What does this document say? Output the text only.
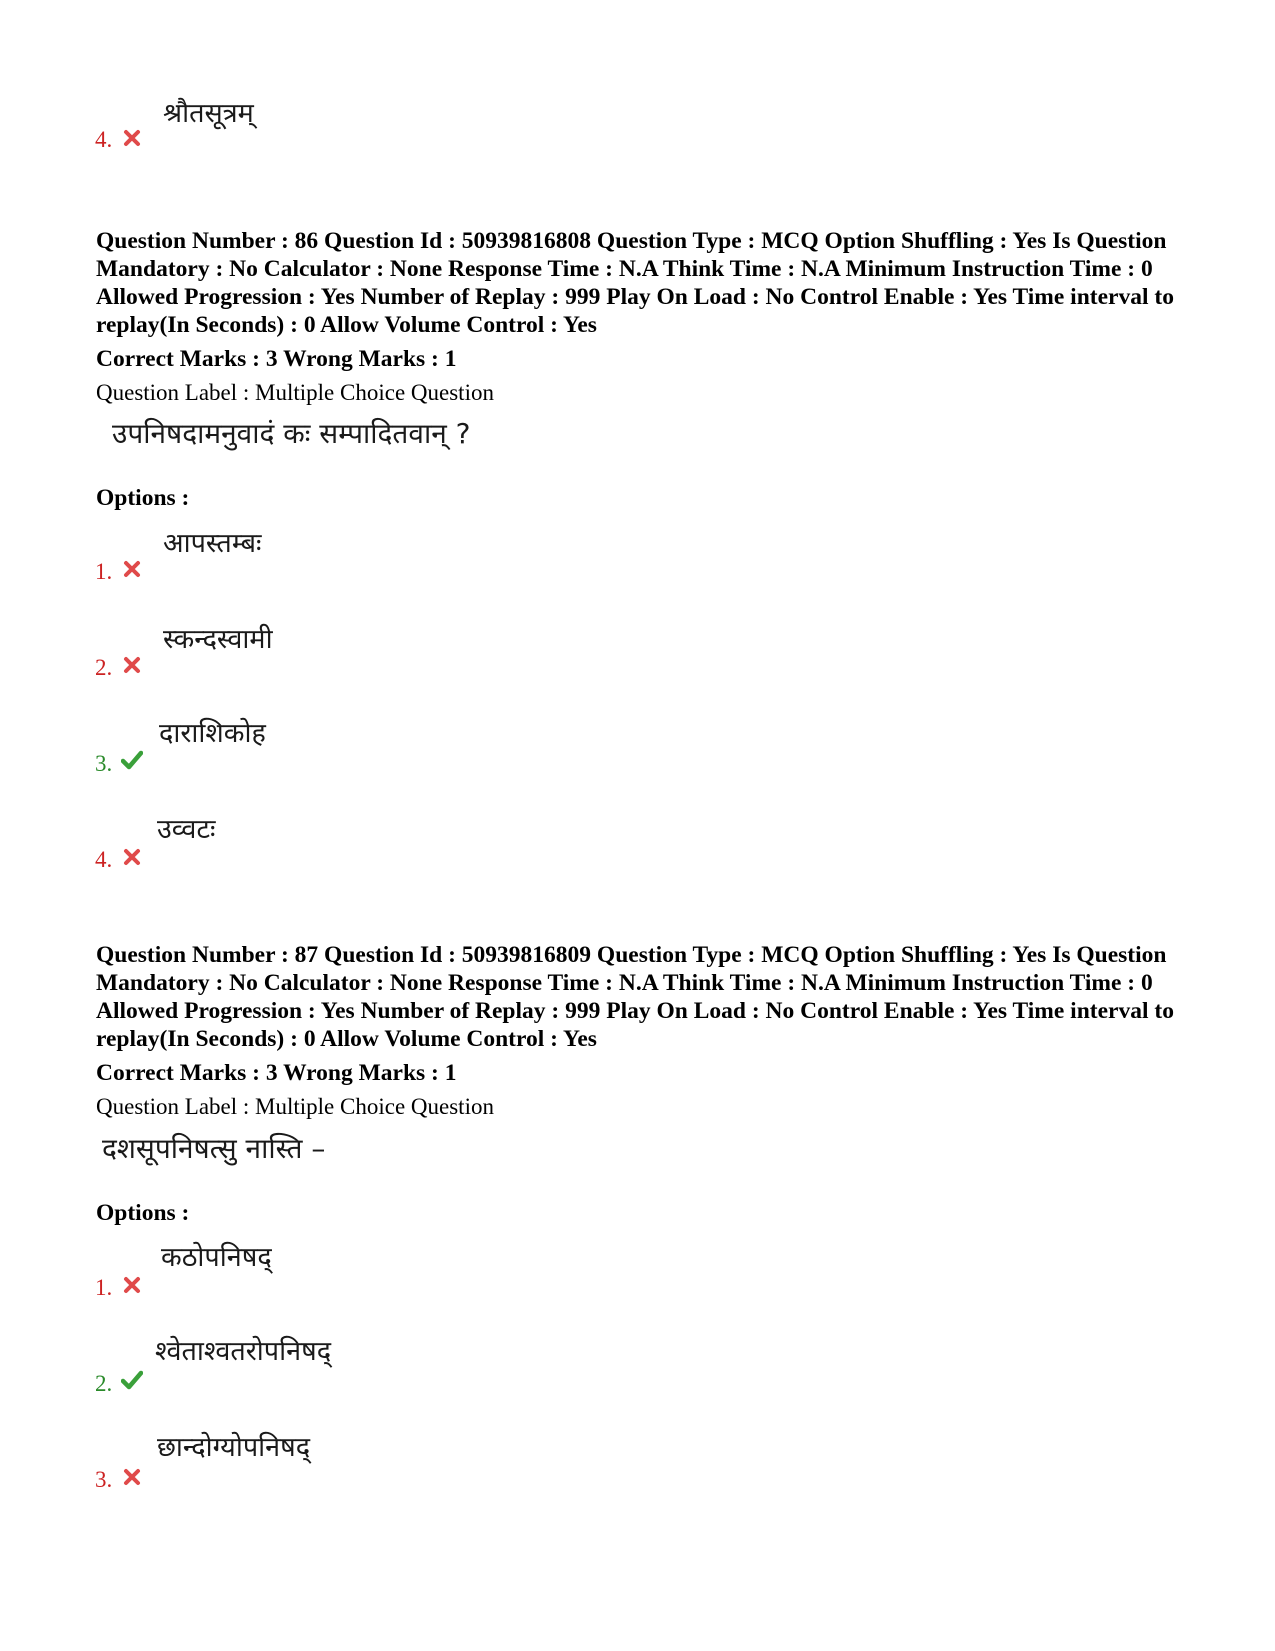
4.
श्रौतसूत्रम्

Question Number : 86 Question Id : 50939816808 Question Type : MCQ Option Shuffling : Yes Is Question Mandatory : No Calculator : None Response Time : N.A Think Time : N.A Minimum Instruction Time : 0 Allowed Progression : Yes Number of Replay : 999 Play On Load : No Control Enable : Yes Time interval to replay(In Seconds) : 0 Allow Volume Control : Yes

Correct Marks : 3 Wrong Marks : 1

Question Label : Multiple Choice Question

उपनिषदामनुवादं कः सम्पादितवान् ?
Options :
1.
आपस्तम्बः
2.
स्कन्दस्वामी
3.
दाराशिकोह
4.
उव्वटः

Question Number : 87 Question Id : 50939816809 Question Type : MCQ Option Shuffling : Yes Is Question Mandatory : No Calculator : None Response Time : N.A Think Time : N.A Minimum Instruction Time : 0 Allowed Progression : Yes Number of Replay : 999 Play On Load : No Control Enable : Yes Time interval to replay(In Seconds) : 0 Allow Volume Control : Yes

Correct Marks : 3 Wrong Marks : 1

Question Label : Multiple Choice Question

दशसूपनिषत्सु नास्ति –
Options :
1.
कठोपनिषद्
2.
श्वेताश्वतरोपनिषद्
3.
छान्दोग्योपनिषद्
